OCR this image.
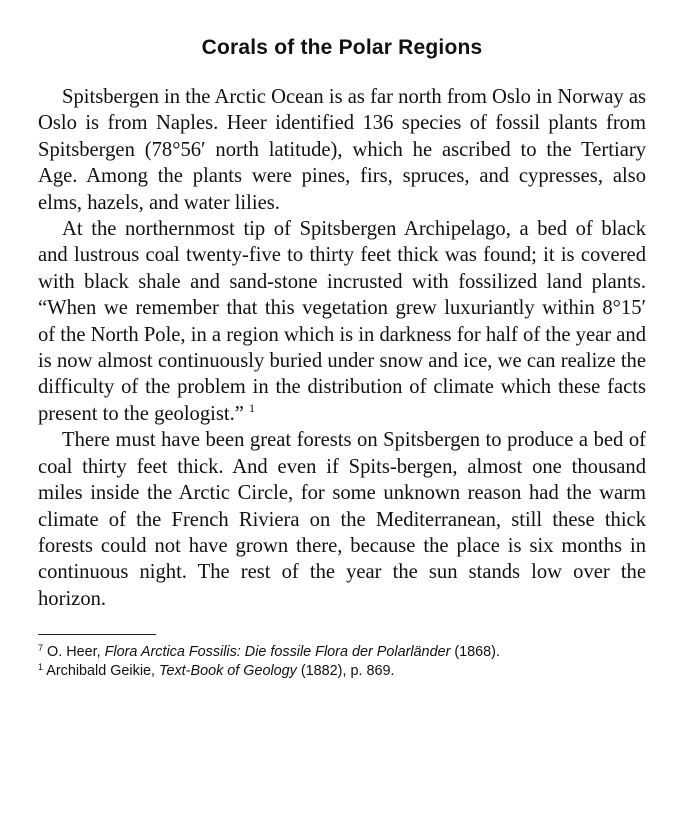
Corals of the Polar Regions

Spitsbergen in the Arctic Ocean is as far north from Oslo in Norway as Oslo is from Naples. Heer identified 136 species of fossil plants from Spitsbergen (78°56′ north latitude), which he ascribed to the Tertiary Age. Among the plants were pines, firs, spruces, and cypresses, also elms, hazels, and water lilies.

At the northernmost tip of Spitsbergen Archipelago, a bed of black and lustrous coal twenty-five to thirty feet thick was found; it is covered with black shale and sand-stone incrusted with fossilized land plants. “When we remember that this vegetation grew luxuriantly within 8°15′ of the North Pole, in a region which is in darkness for half of the year and is now almost continuously buried under snow and ice, we can realize the difficulty of the problem in the distribution of climate which these facts present to the geologist.” $^1$

There must have been great forests on Spitsbergen to produce a bed of coal thirty feet thick. And even if Spits-bergen, almost one thousand miles inside the Arctic Circle, for some unknown reason had the warm climate of the French Riviera on the Mediterranean, still these thick forests could not have grown there, because the place is six months in continuous night. The rest of the year the sun stands low over the horizon.

$^7$ O. Heer, Flora Arctica Fossilis: Die fossile Flora der Polarländer (1868).

$^1$ Archibald Geikie, Text-Book of Geology (1882), p. 869.
